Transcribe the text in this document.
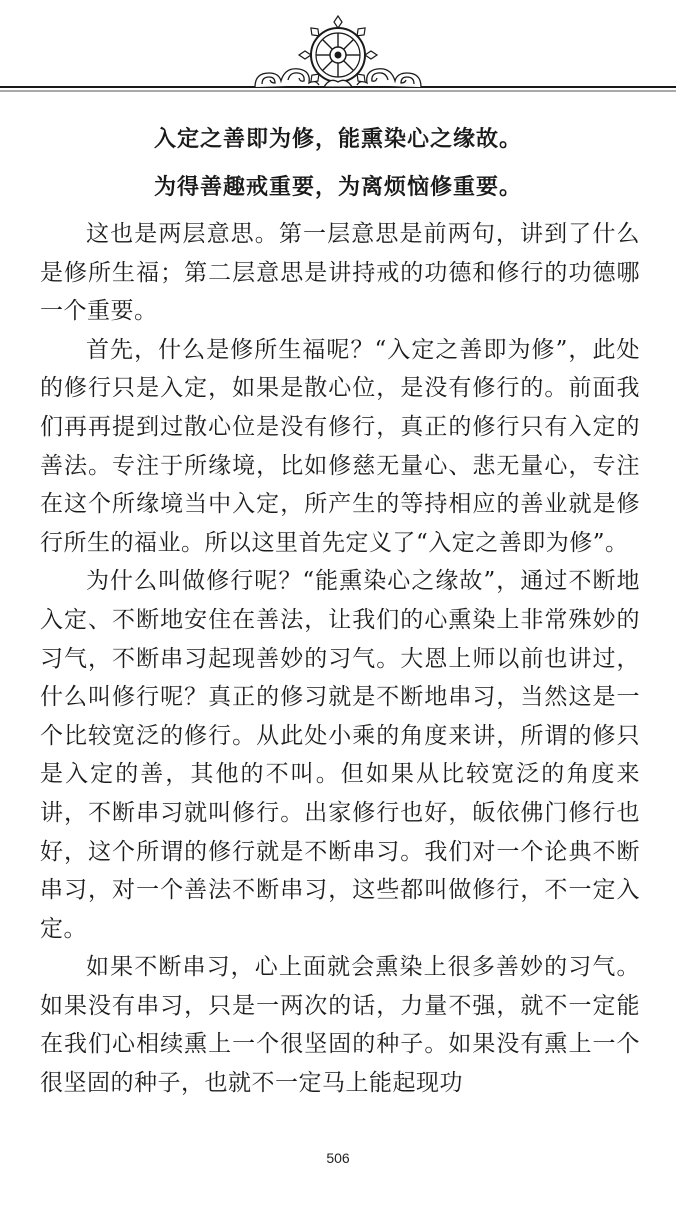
入定之善即为修，能熏染心之缘故。
为得善趣戒重要，为离烦恼修重要。

这也是两层意思。第一层意思是前两句，讲到了什么是修所生福；第二层意思是讲持戒的功德和修行的功德哪一个重要。

首先，什么是修所生福呢？“入定之善即为修”，此处的修行只是入定，如果是散心位，是没有修行的。前面我们再再提到过散心位是没有修行，真正的修行只有入定的善法。专注于所缘境，比如修慈无量心、悲无量心，专注在这个所缘境当中入定，所产生的等持相应的善业就是修行所生的福业。所以这里首先定义了“入定之善即为修”。

为什么叫做修行呢？“能熏染心之缘故”，通过不断地入定、不断地安住在善法，让我们的心熏染上非常殊妙的习气，不断串习起现善妙的习气。大恩上师以前也讲过，什么叫修行呢？真正的修习就是不断地串习，当然这是一个比较宽泛的修行。从此处小乘的角度来讲，所谓的修只是入定的善，其他的不叫。但如果从比较宽泛的角度来讲，不断串习就叫修行。出家修行也好，皈依佛门修行也好，这个所谓的修行就是不断串习。我们对一个论典不断串习，对一个善法不断串习，这些都叫做修行，不一定入定。

如果不断串习，心上面就会熏染上很多善妙的习气。如果没有串习，只是一两次的话，力量不强，就不一定能在我们心相续熏上一个很坚固的种子。如果没有熏上一个很坚固的种子，也就不一定马上能起现功

506
